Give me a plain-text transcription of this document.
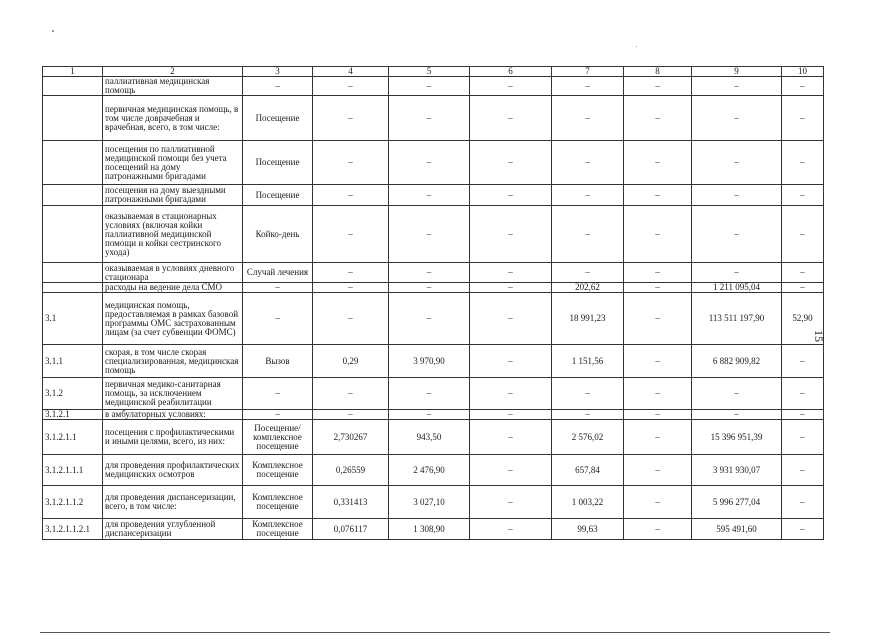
1	2	3	4	5	6	7	8	9	10
	паллиативная медицинская помощь	–	–	–	–	–	–	–	–
	первичная медицинская помощь, в том числе доврачебная и врачебная, всего, в том числе:	Посещение	–	–	–	–	–	–	–
	посещения по паллиативной медицинской помощи без учета посещений на дому патронажными бригадами	Посещение	–	–	–	–	–	–	–
	посещения на дому выездными патронажными бригадами	Посещение	–	–	–	–	–	–	–
	оказываемая в стационарных условиях (включая койки паллиативной медицинской помощи и койки сестринского ухода)	Койко-день	–	–	–	–	–	–	–
	оказываемая в условиях дневного стационара	Случай лечения	–	–	–	–	–	–	–
	расходы на ведение дела СМО	–	–	–	–	202,62	–	1 211 095,04	–
3.1	медицинская помощь, предоставляемая в рамках базовой программы ОМС застрахованным лицам (за счет субвенции ФОМС)	–	–	–	–	18 991,23	–	113 511 197,90	52,90
3.1.1	скорая, в том числе скорая специализированная, медицинская помощь	Вызов	0,29	3 970,90	–	1 151,56	–	6 882 909,82	–
3.1.2	первичная медико-санитарная помощь, за исключением медицинской реабилитации	–	–	–	–	–	–	–	–
3.1.2.1	в амбулаторных условиях:	–	–	–	–	–	–	–	–
3.1.2.1.1	посещения с профилактическими и иными целями, всего, из них:	Посещение/ комплексное посещение	2,730267	943,50	–	2 576,02	–	15 396 951,39	–
3.1.2.1.1.1	для проведения профилактических медицинских осмотров	Комплексное посещение	0,26559	2 476,90	–	657,84	–	3 931 930,07	–
3.1.2.1.1.2	для проведения диспансеризации, всего, в том числе:	Комплексное посещение	0,331413	3 027,10	–	1 003,22	–	5 996 277,04	–
3.1.2.1.1.2.1	для проведения углубленной диспансеризации	Комплексное посещение	0,076117	1 308,90	–	99,63	–	595 491,60	–
15
